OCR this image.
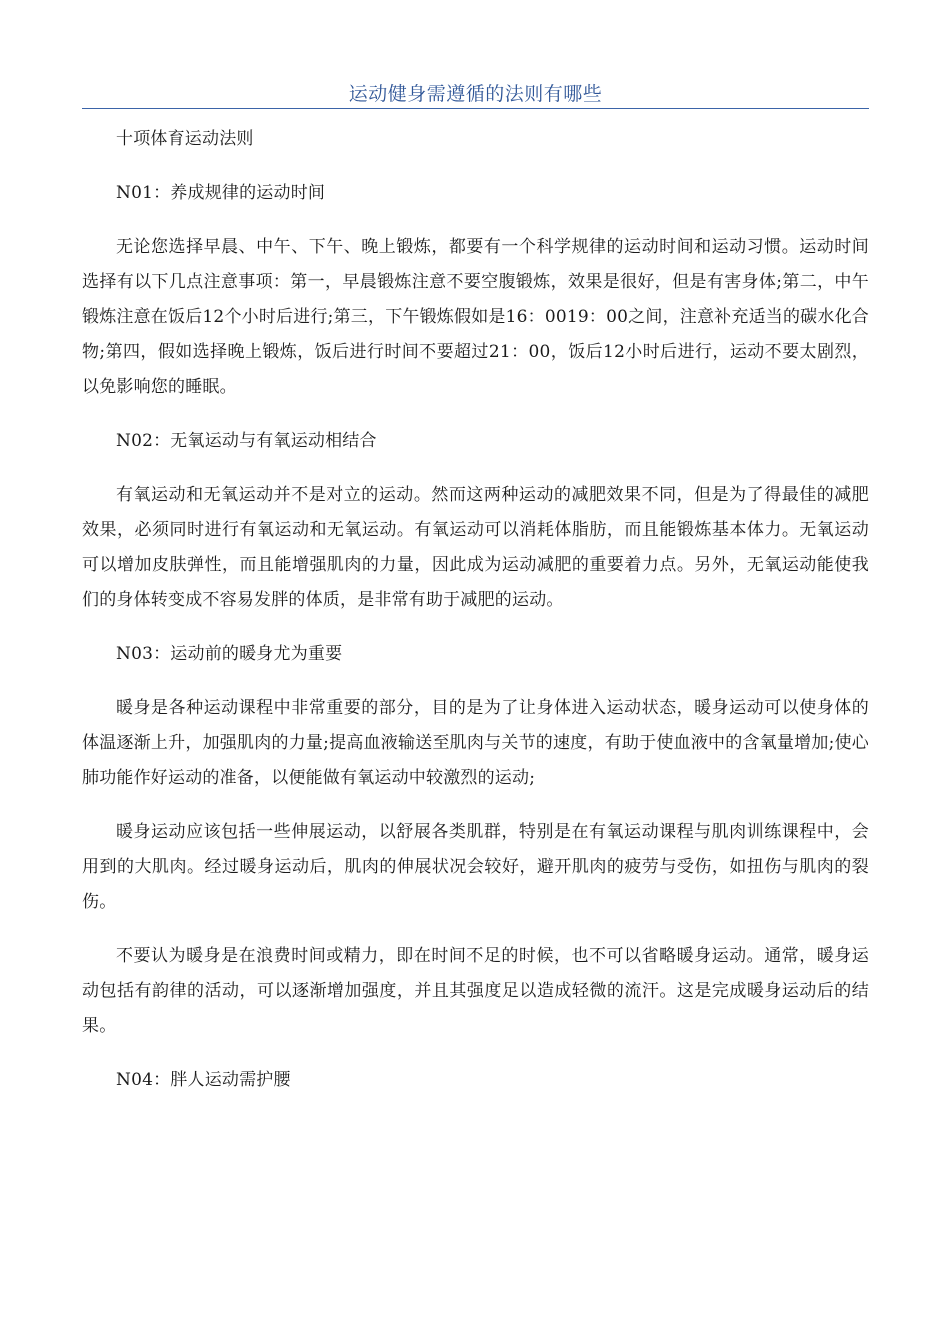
运动健身需遵循的法则有哪些

十项体育运动法则

N01：养成规律的运动时间

无论您选择早晨、中午、下午、晚上锻炼，都要有一个科学规律的运动时间和运动习惯。运动时间选择有以下几点注意事项：第一，早晨锻炼注意不要空腹锻炼，效果是很好，但是有害身体;第二，中午锻炼注意在饭后12个小时后进行;第三，下午锻炼假如是16：0019：00之间，注意补充适当的碳水化合物;第四，假如选择晚上锻炼，饭后进行时间不要超过21：00，饭后12小时后进行，运动不要太剧烈，以免影响您的睡眠。

N02：无氧运动与有氧运动相结合

有氧运动和无氧运动并不是对立的运动。然而这两种运动的减肥效果不同，但是为了得最佳的减肥效果，必须同时进行有氧运动和无氧运动。有氧运动可以消耗体脂肪，而且能锻炼基本体力。无氧运动可以增加皮肤弹性，而且能增强肌肉的力量，因此成为运动减肥的重要着力点。另外，无氧运动能使我们的身体转变成不容易发胖的体质，是非常有助于减肥的运动。

N03：运动前的暖身尤为重要

暖身是各种运动课程中非常重要的部分，目的是为了让身体进入运动状态，暖身运动可以使身体的体温逐渐上升，加强肌肉的力量;提高血液输送至肌肉与关节的速度，有助于使血液中的含氧量增加;使心肺功能作好运动的准备，以便能做有氧运动中较激烈的运动;

暖身运动应该包括一些伸展运动，以舒展各类肌群，特别是在有氧运动课程与肌肉训练课程中，会用到的大肌肉。经过暖身运动后，肌肉的伸展状况会较好，避开肌肉的疲劳与受伤，如扭伤与肌肉的裂伤。

不要认为暖身是在浪费时间或精力，即在时间不足的时候，也不可以省略暖身运动。通常，暖身运动包括有韵律的活动，可以逐渐增加强度，并且其强度足以造成轻微的流汗。这是完成暖身运动后的结果。

N04：胖人运动需护腰
